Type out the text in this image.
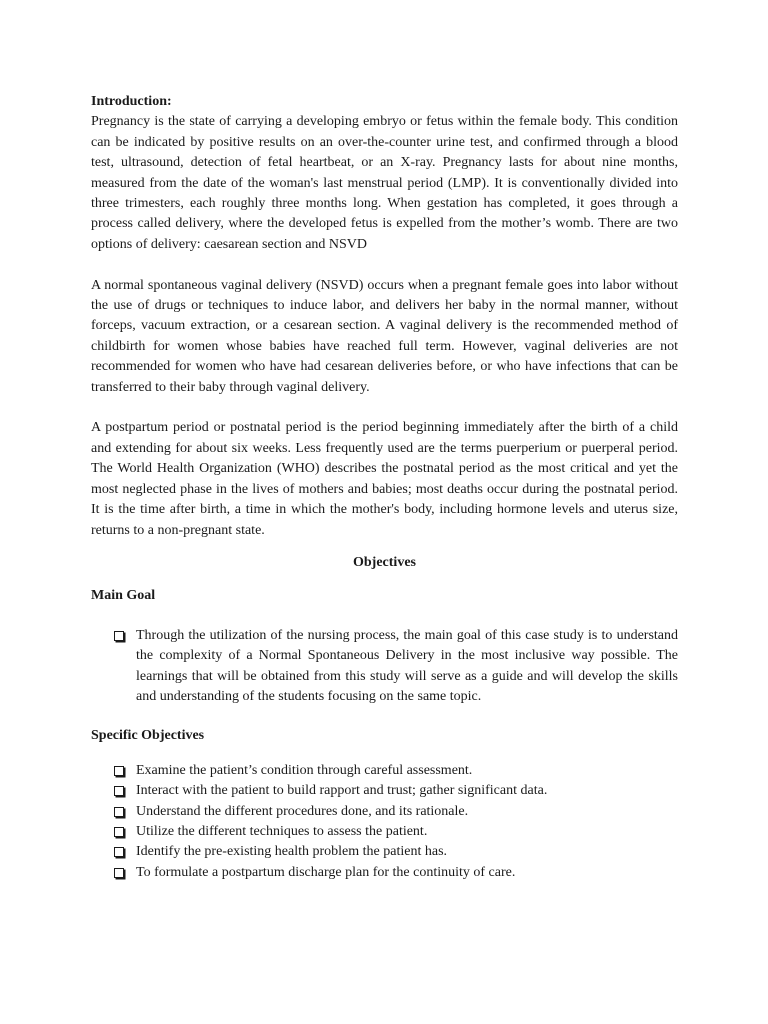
Introduction:

Pregnancy is the state of carrying a developing embryo or fetus within the female body. This condition can be indicated by positive results on an over-the-counter urine test, and confirmed through a blood test, ultrasound, detection of fetal heartbeat, or an X-ray. Pregnancy lasts for about nine months, measured from the date of the woman's last menstrual period (LMP). It is conventionally divided into three trimesters, each roughly three months long. When gestation has completed, it goes through a process called delivery, where the developed fetus is expelled from the mother’s womb. There are two options of delivery: caesarean section and NSVD

A normal spontaneous vaginal delivery (NSVD) occurs when a pregnant female goes into labor without the use of drugs or techniques to induce labor, and delivers her baby in the normal manner, without forceps, vacuum extraction, or a cesarean section. A vaginal delivery is the recommended method of childbirth for women whose babies have reached full term. However, vaginal deliveries are not recommended for women who have had cesarean deliveries before, or who have infections that can be transferred to their baby through vaginal delivery.

A postpartum period or postnatal period is the period beginning immediately after the birth of a child and extending for about six weeks. Less frequently used are the terms puerperium or puerperal period. The World Health Organization (WHO) describes the postnatal period as the most critical and yet the most neglected phase in the lives of mothers and babies; most deaths occur during the postnatal period. It is the time after birth, a time in which the mother's body, including hormone levels and uterus size, returns to a non-pregnant state.

Objectives
Main Goal
Through the utilization of the nursing process, the main goal of this case study is to understand the complexity of a Normal Spontaneous Delivery in the most inclusive way possible. The learnings that will be obtained from this study will serve as a guide and will develop the skills and understanding of the students focusing on the same topic.
Specific Objectives
Examine the patient’s condition through careful assessment.
Interact with the patient to build rapport and trust; gather significant data.
Understand the different procedures done, and its rationale.
Utilize the different techniques to assess the patient.
Identify the pre-existing health problem the patient has.
To formulate a postpartum discharge plan for the continuity of care.
